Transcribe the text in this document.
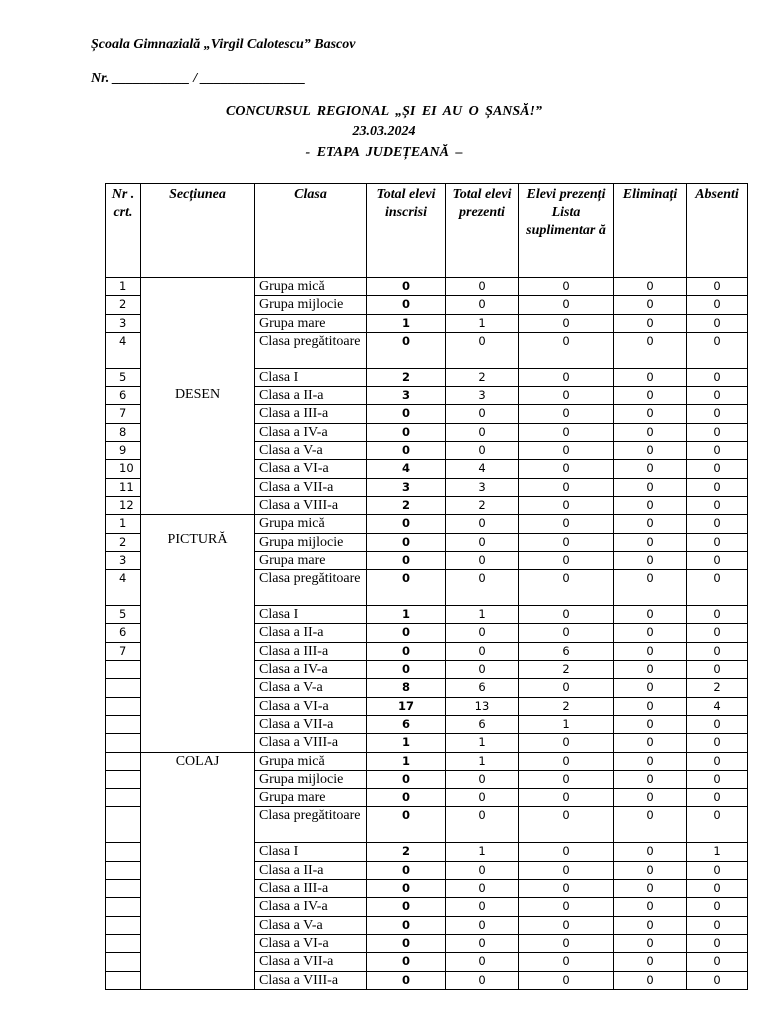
Școala Gimnazială „Virgil Calotescu” Bascov
Nr. ___________ / _______________
CONCURSUL REGIONAL „ȘI EI AU O ȘANSĂ!”
23.03.2024
- ETAPA JUDEȚEANĂ –
Nr . crt.	Secțiunea	Clasa	Total elevi inscrisi	Total elevi prezenti	Elevi prezenți Lista suplimentar ă	Eliminați	Absenti
1	DESEN	Grupa mică	0	0	0	0	0
2		Grupa mijlocie	0	0	0	0	0
3		Grupa mare	1	1	0	0	0
4		Clasa pregătitoare	0	0	0	0	0
5		Clasa I	2	2	0	0	0
6		Clasa a II-a	3	3	0	0	0
7		Clasa a III-a	0	0	0	0	0
8		Clasa a IV-a	0	0	0	0	0
9		Clasa a V-a	0	0	0	0	0
10		Clasa a VI-a	4	4	0	0	0
11		Clasa a VII-a	3	3	0	0	0
12		Clasa a VIII-a	2	2	0	0	0
1	PICTURĂ	Grupa mică	0	0	0	0	0
2		Grupa mijlocie	0	0	0	0	0
3		Grupa mare	0	0	0	0	0
4		Clasa pregătitoare	0	0	0	0	0
5		Clasa I	1	1	0	0	0
6		Clasa a II-a	0	0	0	0	0
7		Clasa a III-a	0	0	6	0	0
		Clasa a IV-a	0	0	2	0	0
		Clasa a V-a	8	6	0	0	2
		Clasa a VI-a	17	13	2	0	4
		Clasa a VII-a	6	6	1	0	0
		Clasa a VIII-a	1	1	0	0	0

	COLAJ	Grupa mică	1	1	0	0	0
		Grupa mijlocie	0	0	0	0	0
		Grupa mare	0	0	0	0	0
		Clasa pregătitoare	0	0	0	0	0
		Clasa I	2	1	0	0	1
		Clasa a II-a	0	0	0	0	0
		Clasa a III-a	0	0	0	0	0
		Clasa a IV-a	0	0	0	0	0
		Clasa a V-a	0	0	0	0	0
		Clasa a VI-a	0	0	0	0	0
		Clasa a VII-a	0	0	0	0	0
		Clasa a VIII-a	0	0	0	0	0
